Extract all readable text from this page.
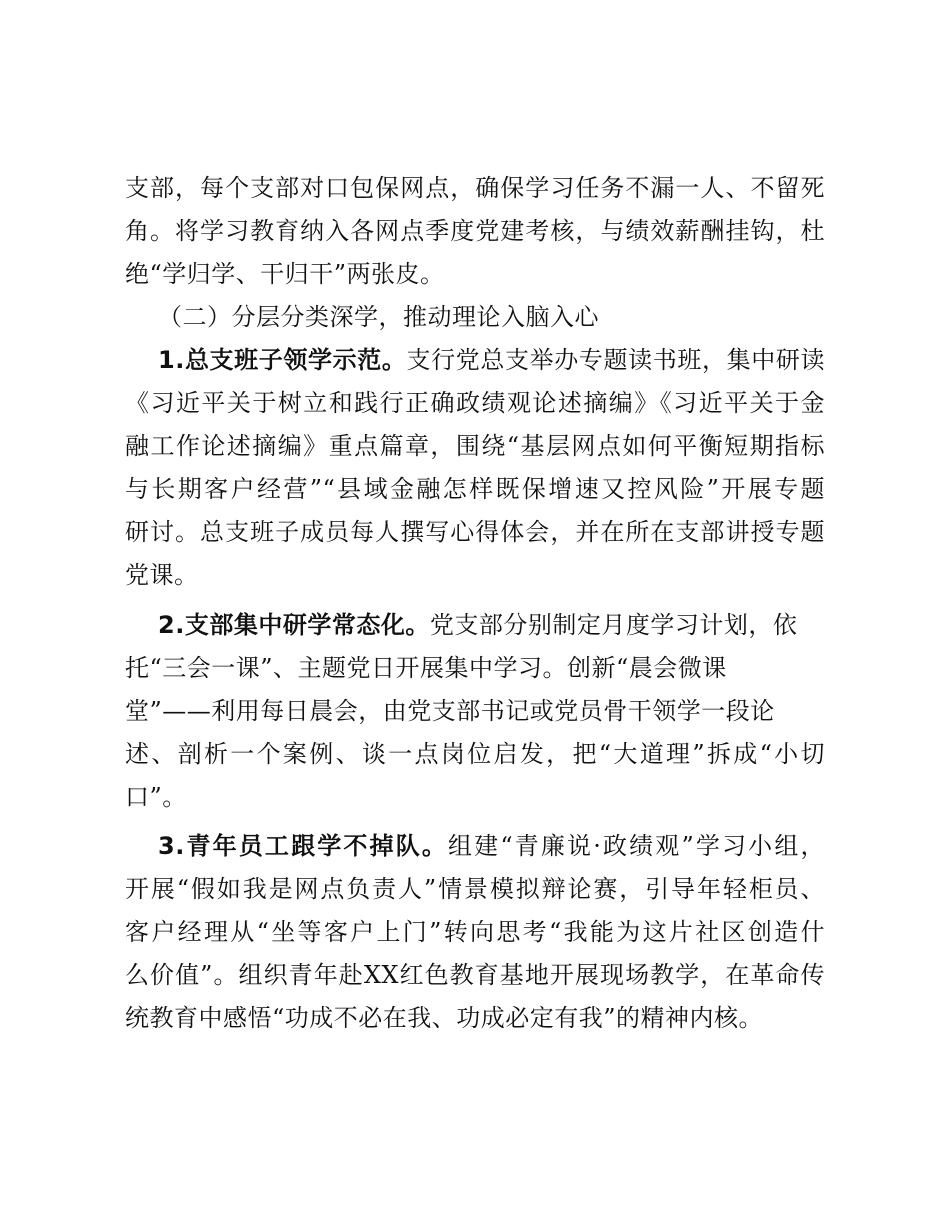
支部，每个支部对口包保网点，确保学习任务不漏一人、不留死
角。将学习教育纳入各网点季度党建考核，与绩效薪酬挂钩，杜
绝“学归学、干归干”两张皮。
（二）分层分类深学，推动理论入脑入心
1.总支班子领学示范。支行党总支举办专题读书班，集中研读
《习近平关于树立和践行正确政绩观论述摘编》《习近平关于金
融工作论述摘编》重点篇章，围绕“基层网点如何平衡短期指标
与长期客户经营”“县域金融怎样既保增速又控风险”开展专题
研讨。总支班子成员每人撰写心得体会，并在所在支部讲授专题
党课。
2.支部集中研学常态化。党支部分别制定月度学习计划，依
托“三会一课”、主题党日开展集中学习。创新“晨会微课
堂”——利用每日晨会，由党支部书记或党员骨干领学一段论
述、剖析一个案例、谈一点岗位启发，把“大道理”拆成“小切
口”。
3.青年员工跟学不掉队。组建“青廉说·政绩观”学习小组，
开展“假如我是网点负责人”情景模拟辩论赛，引导年轻柜员、
客户经理从“坐等客户上门”转向思考“我能为这片社区创造什
么价值”。组织青年赴XX红色教育基地开展现场教学，在革命传
统教育中感悟“功成不必在我、功成必定有我”的精神内核。
